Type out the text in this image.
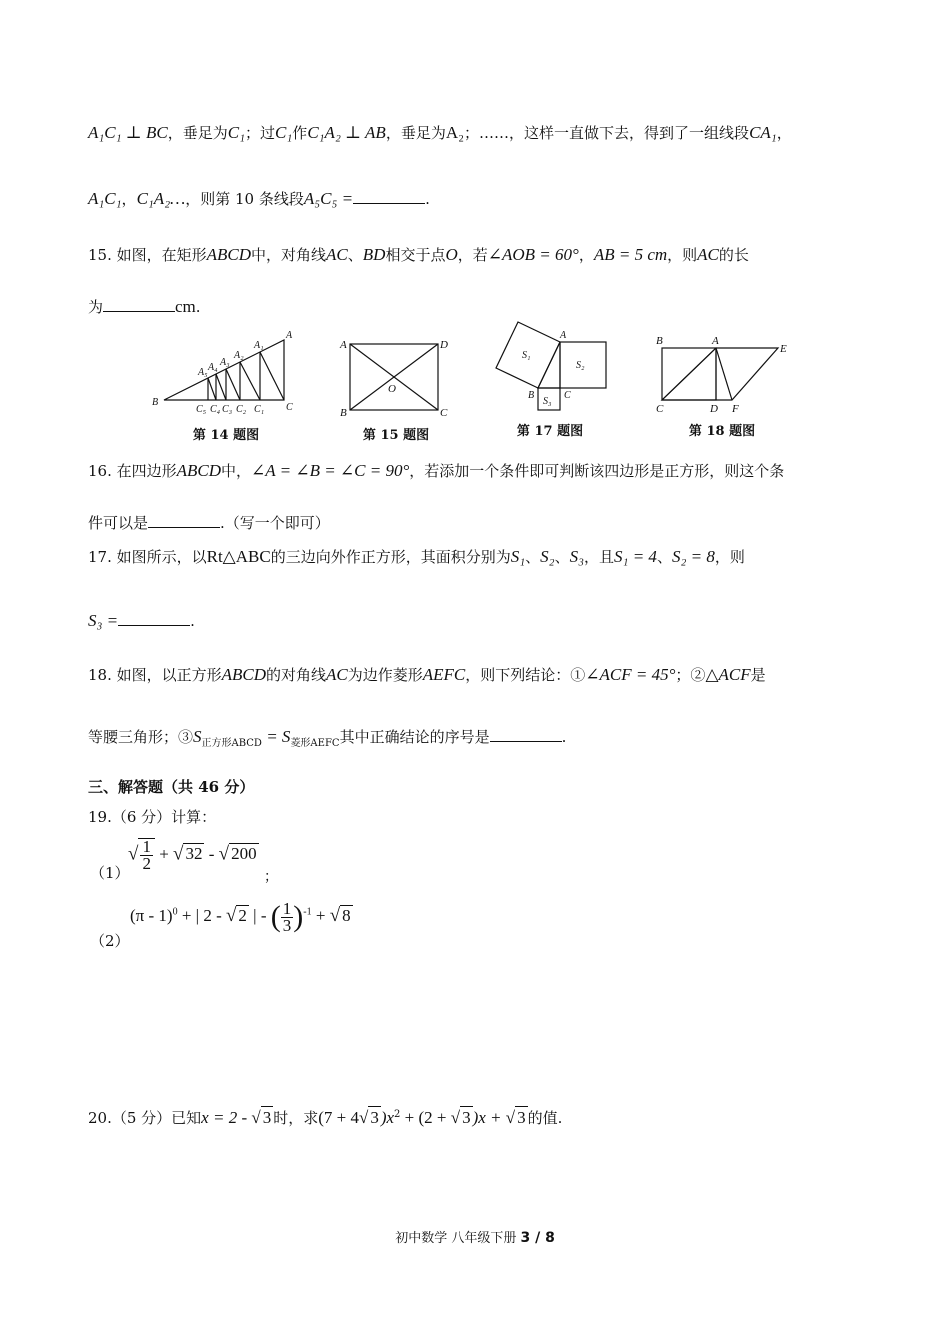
A₁C₁ ⊥ BC，垂足为C₁；过C₁作C₁A₂ ⊥ AB，垂足为A₂；……，这样一直做下去，得到了一组线段CA₁，
A₁C₁，C₁A₂…，则第 10 条线段A₅C₅ =	.
15. 如图，在矩形ABCD中，对角线AC、BD相交于点O，若∠AOB = 60°，AB = 5 cm，则AC的长
为	cm.
A
A₁
A₂
A₃
A₄
A₅
B	C
C₁
C₂
C₃
C₄
C₅
第 14 题图
A
B	C
D
O
第 15 题图
A
B	C
S₁
S₂
S₃
第 17 题图
A
B
C	D
E
F
第 18 题图
16. 在四边形ABCD中，∠A = ∠B = ∠C = 90°，若添加一个条件即可判断该四边形是正方形，则这个条
件可以是	.（写一个即可）
17. 如图所示，以Rt△ABC的三边向外作正方形，其面积分别为S₁、S₂、S₃，且S₁ = 4、S₂ = 8，则
S₃ =	.
18. 如图，以正方形ABCD的对角线AC为边作菱形AEFC，则下列结论：①∠ACF = 45°；②△ACF是
等腰三角形；$③S_{正方形ABCD} = S_{菱形AEFC}$其中正确结论的序号是	.
三、解答题（共 46 分）
19.（6 分）计算：
（1）
√ $\frac{1}{2}$ + √ 32 - √ 200
；
（2）
(π - 1)$^0$ + | 2 - √ 2 | - ( $\frac{1}{3} )^{-1}$ + √ 8
20.（5 分）已知x = 2 - √ 3 时，求(7 + 4√ 3 )$x^2 + (2$ + √ 3 )x + √ 3 的值.
初中数学 八年级下册 3 / 8
